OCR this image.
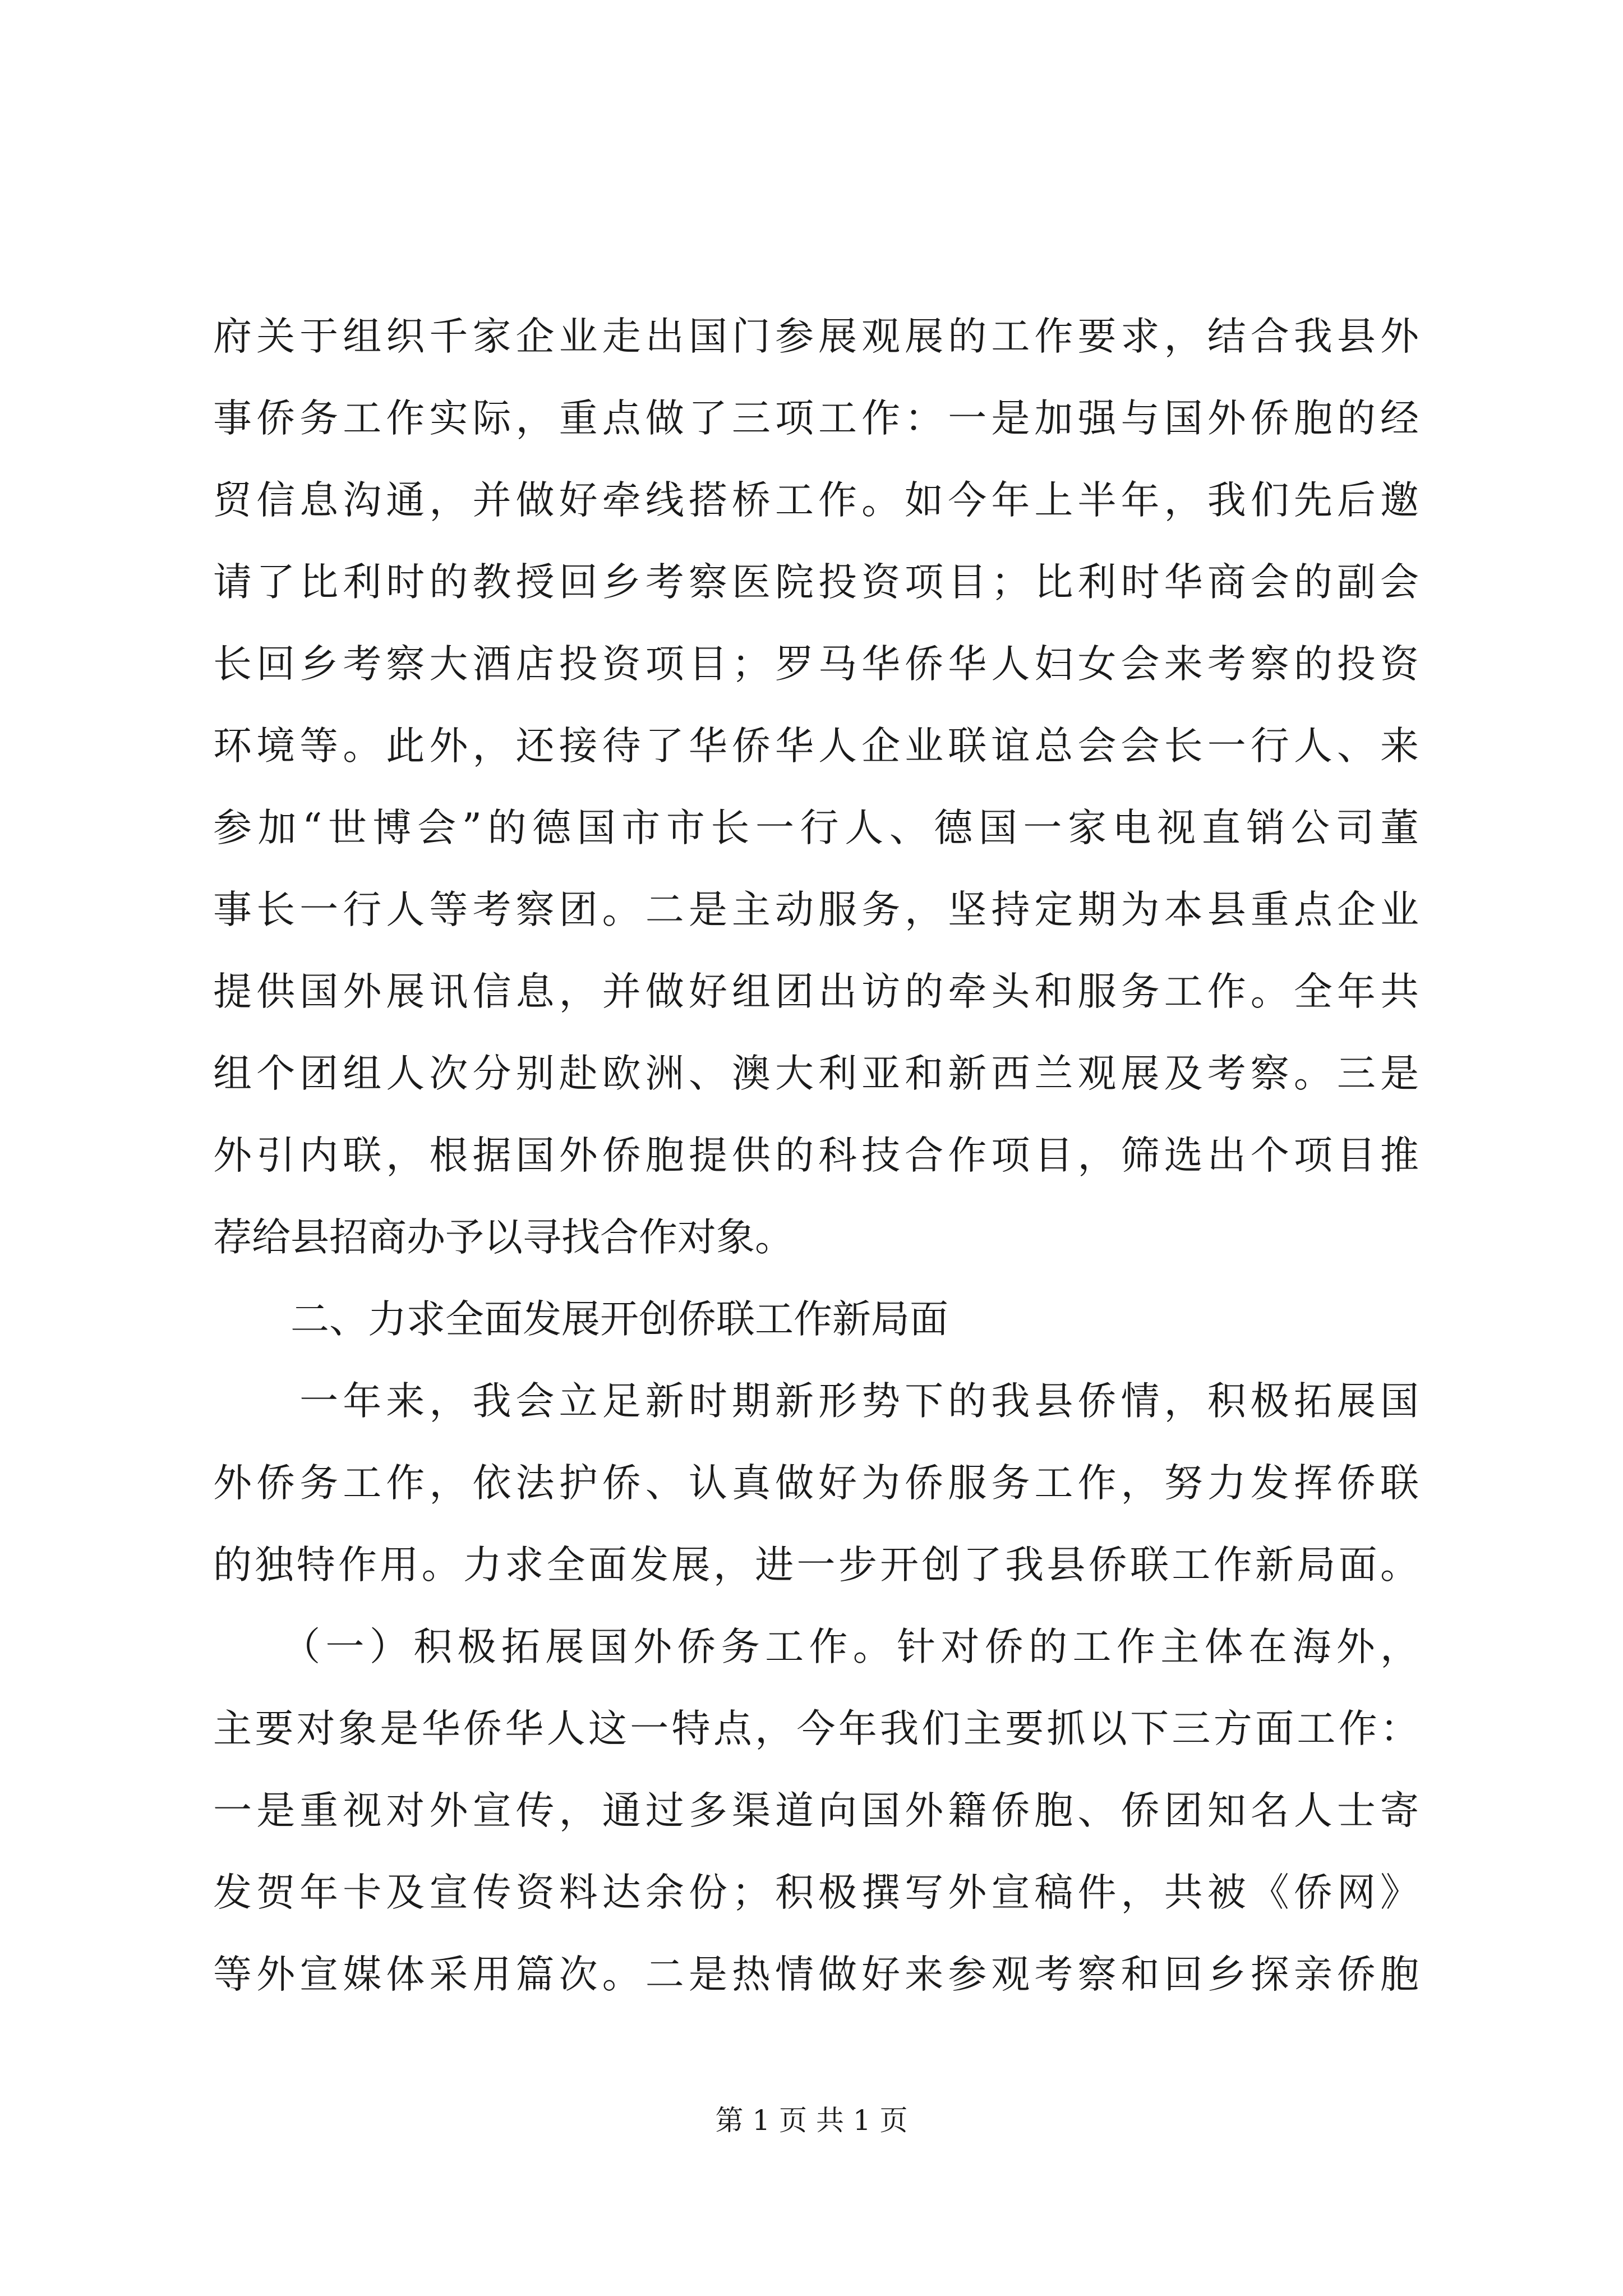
府关于组织千家企业走出国门参展观展的工作要求，结合我县外
事侨务工作实际，重点做了三项工作：一是加强与国外侨胞的经
贸信息沟通，并做好牵线搭桥工作。如今年上半年，我们先后邀
请了比利时的教授回乡考察医院投资项目；比利时华商会的副会
长回乡考察大酒店投资项目；罗马华侨华人妇女会来考察的投资
环境等。此外，还接待了华侨华人企业联谊总会会长一行人、来
参加“世博会”的德国市市长一行人、德国一家电视直销公司董
事长一行人等考察团。二是主动服务，坚持定期为本县重点企业
提供国外展讯信息，并做好组团出访的牵头和服务工作。全年共
组个团组人次分别赴欧洲、澳大利亚和新西兰观展及考察。三是
外引内联，根据国外侨胞提供的科技合作项目，筛选出个项目推
荐给县招商办予以寻找合作对象。
　　二、力求全面发展开创侨联工作新局面
　　一年来，我会立足新时期新形势下的我县侨情，积极拓展国
外侨务工作，依法护侨、认真做好为侨服务工作，努力发挥侨联
的独特作用。力求全面发展，进一步开创了我县侨联工作新局面。
　　（一）积极拓展国外侨务工作。针对侨的工作主体在海外，
主要对象是华侨华人这一特点，今年我们主要抓以下三方面工作：
一是重视对外宣传，通过多渠道向国外籍侨胞、侨团知名人士寄
发贺年卡及宣传资料达余份；积极撰写外宣稿件，共被《侨网》
等外宣媒体采用篇次。二是热情做好来参观考察和回乡探亲侨胞
第 1 页 共 1 页
